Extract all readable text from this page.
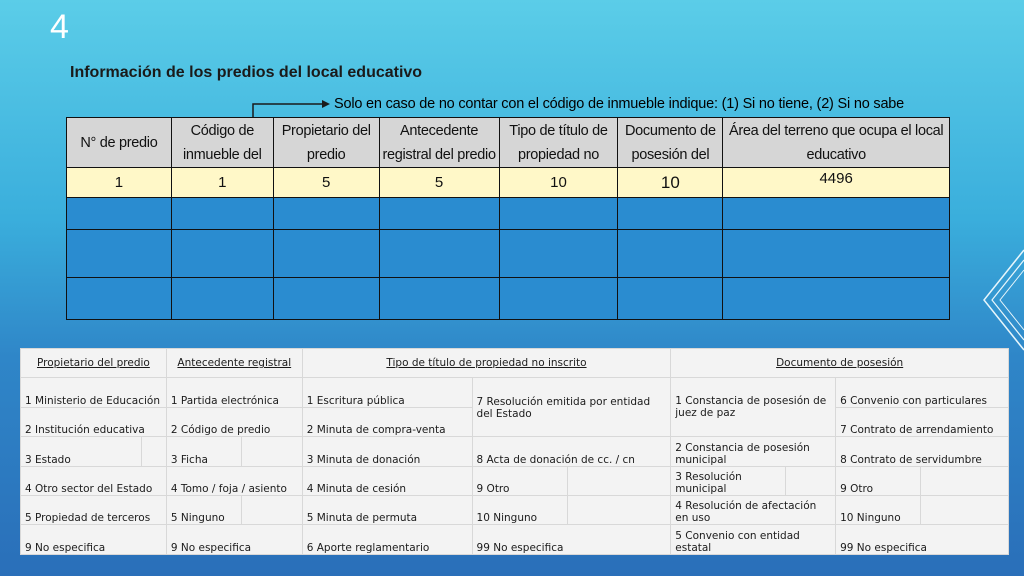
4
Información de los predios del local educativo
Solo en caso de no contar con el código de inmueble indique: (1) Si no tiene, (2) Si no sabe
N° de predio	Código de inmueble del	Propietario del predio	Antecedente registral del predio	Tipo de título de propiedad no	Documento de posesión del	Área del terreno que ocupa el local educativo
1	1	5	5	10	10	4496

Propietario del predio		Antecedente registral		Tipo de título de propiedad no inscrito			Documento de posesión			
1 Ministerio de Educación		1 Partida electrónica		1 Escritura pública	7 Resolución emitida por entidad del Estado		1 Constancia de posesión de juez de paz		6 Convenio con particulares	
2 Institución educativa		2 Código de predio		2 Minuta de compra-venta					7 Contrato de arrendamiento	
3 Estado		3 Ficha		3 Minuta de donación	8 Acta de donación de cc. / cn		2 Constancia de posesión municipal		8 Contrato de servidumbre	
4 Otro sector del Estado		4 Tomo / foja / asiento		4 Minuta de cesión	9 Otro		3 Resolución municipal		9 Otro	
5 Propiedad de terceros		5 Ninguno		5 Minuta de permuta	10 Ninguno		4 Resolución de afectación en uso		10 Ninguno	
9 No especifica		9 No especifica		6 Aporte reglamentario	99 No especifica		5 Convenio con entidad estatal		99 No especifica	
